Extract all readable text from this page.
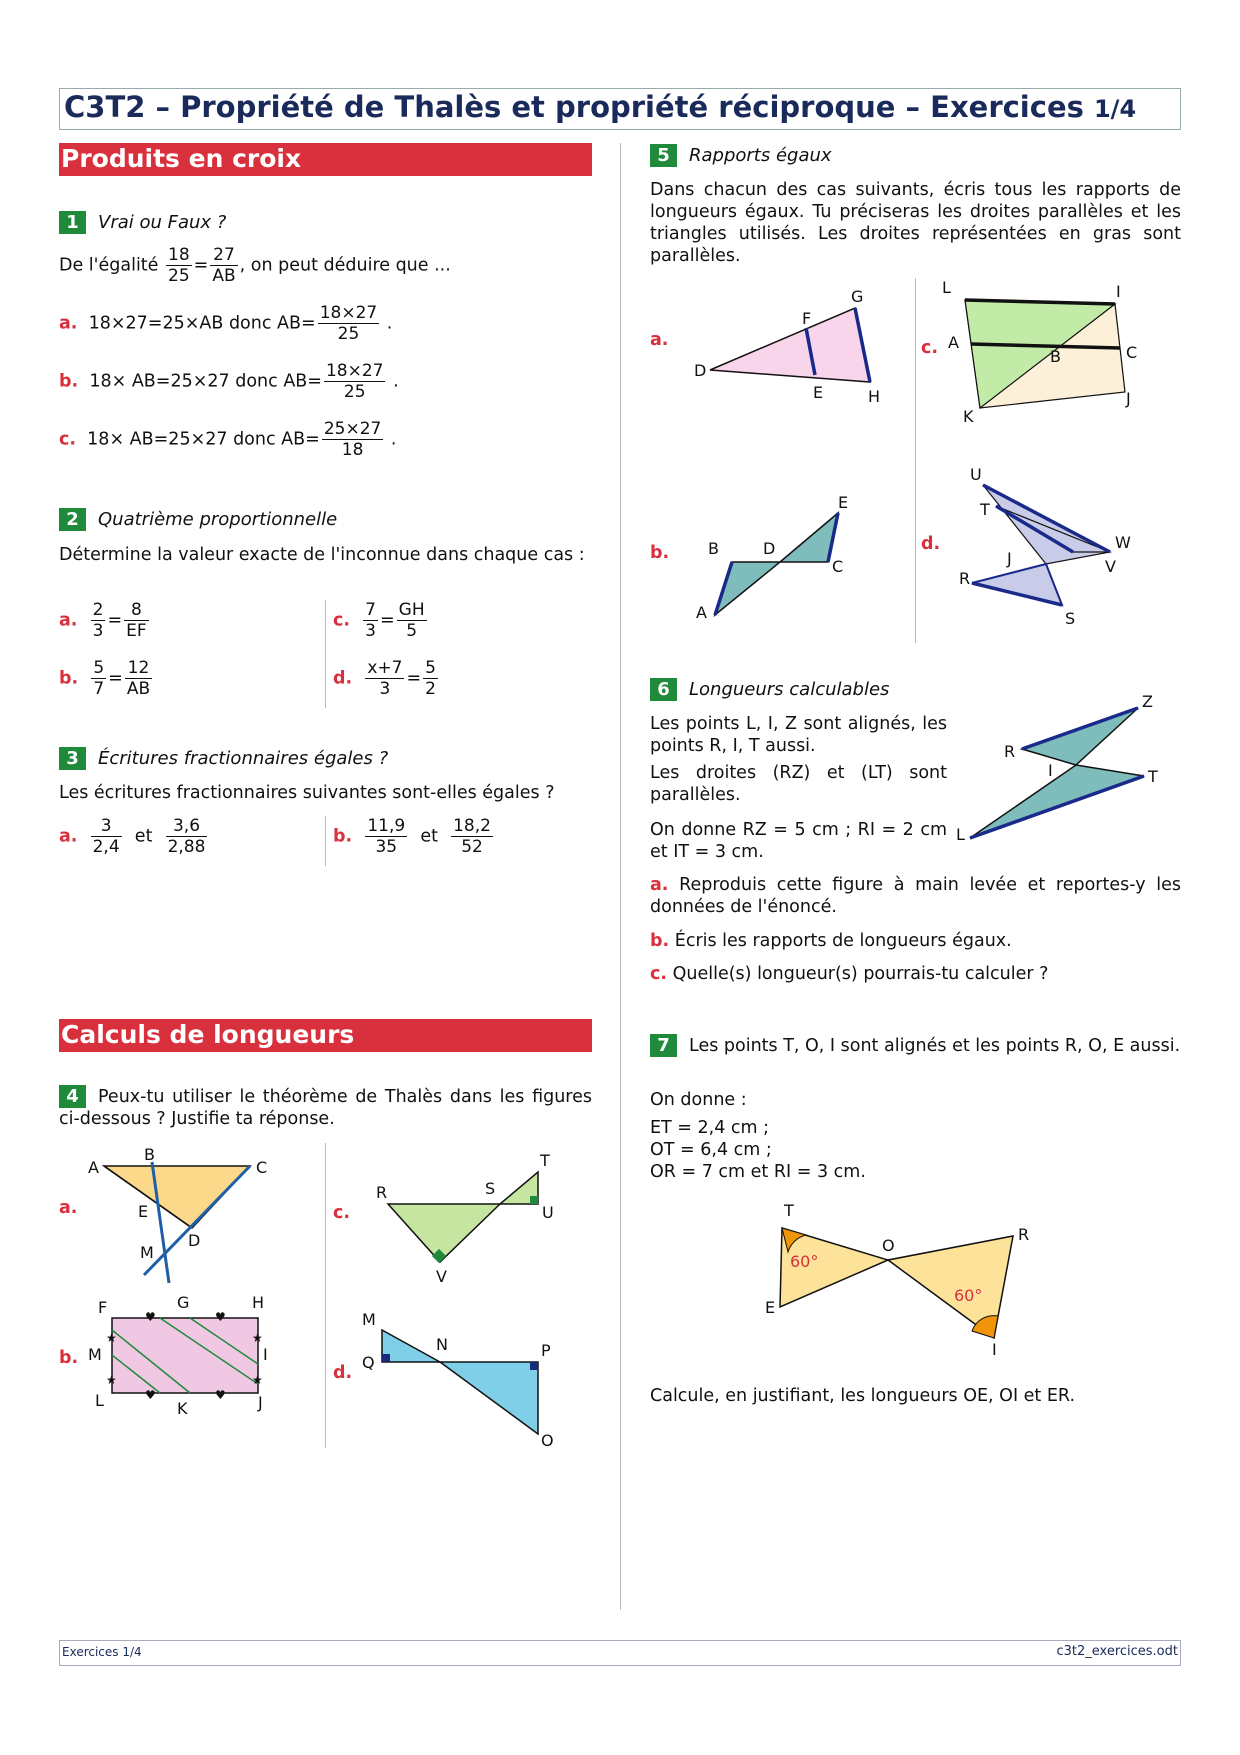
C3T2 – Propriété de Thalès et propriété réciproque – Exercices 1/4
Produits en croix
1 Vrai ou Faux ?
De l'égalité $\frac{18}{25} = \frac{27}{AB}$ , on peut déduire que ...
a. 18×27=25×AB donc $AB= \frac{18\times 27}{25}$ .
b. 18× AB=25×27 donc $AB= \frac{18\times 27}{25}$ .
c. 18× AB=25×27 donc $AB= \frac{25\times 27}{18}$ .
2 Quatrième proportionnelle
Détermine la valeur exacte de l'inconnue dans chaque cas :
a. $\frac{2}{3} = \frac{8}{EF}$
b. $\frac{5}{7} = \frac{12}{AB}$
c. $\frac{7}{3} = \frac{GH}{5}$
d. $\frac{x+7}{3} = \frac{5}{2}$
3 Écritures fractionnaires égales ?
Les écritures fractionnaires suivantes sont-elles égales ?
a. $\frac{3}{2,4}$ et $\frac{3,6}{2,88}$	b. $\frac{11,9}{35}$ et $\frac{18,2}{52}$
Calculs de longueurs
4 Peux-tu utiliser le théorème de Thalès dans les figures ci-dessous ? Justifie ta réponse.
a.
b.
c.
d.
A
B
C
E
M
D
F	G	H
M	I
L	K	J
♥	♥
♥	♥
★	★
★	★
R	S
T
U
V
M
Q
N	P
O
5 Rapports égaux
Dans chacun des cas suivants, écris tous les rapports de longueurs égaux. Tu préciseras les droites parallèles et les triangles utilisés. Les droites représentées en gras sont parallèles.
a.
b.
c.
d.
D
F
G
E	H
A
B	D
C
E
L	I
A
B	C
J
K
U
T
J
W
V
R
S
6 Longueurs calculables
Les points L, I, Z sont alignés, les points R, I, T aussi.
Les droites (RZ) et (LT) sont parallèles.
On donne RZ = 5 cm ; RI = 2 cm et IT = 3 cm.
R
Z
I	T
L
a. Reproduis cette figure à main levée et reportes-y les données de l'énoncé.
b. Écris les rapports de longueurs égaux.
c. Quelle(s) longueur(s) pourrais-tu calculer ?
7 Les points T, O, I sont alignés et les points R, O, E aussi.
On donne :
ET = 2,4 cm ;
OT = 6,4 cm ;
OR = 7 cm et RI = 3 cm.
60°
60°
T
O
R
E
I
Calcule, en justifiant, les longueurs OE, OI et ER.
Exercices 1/4	c3t2_exercices.odt
